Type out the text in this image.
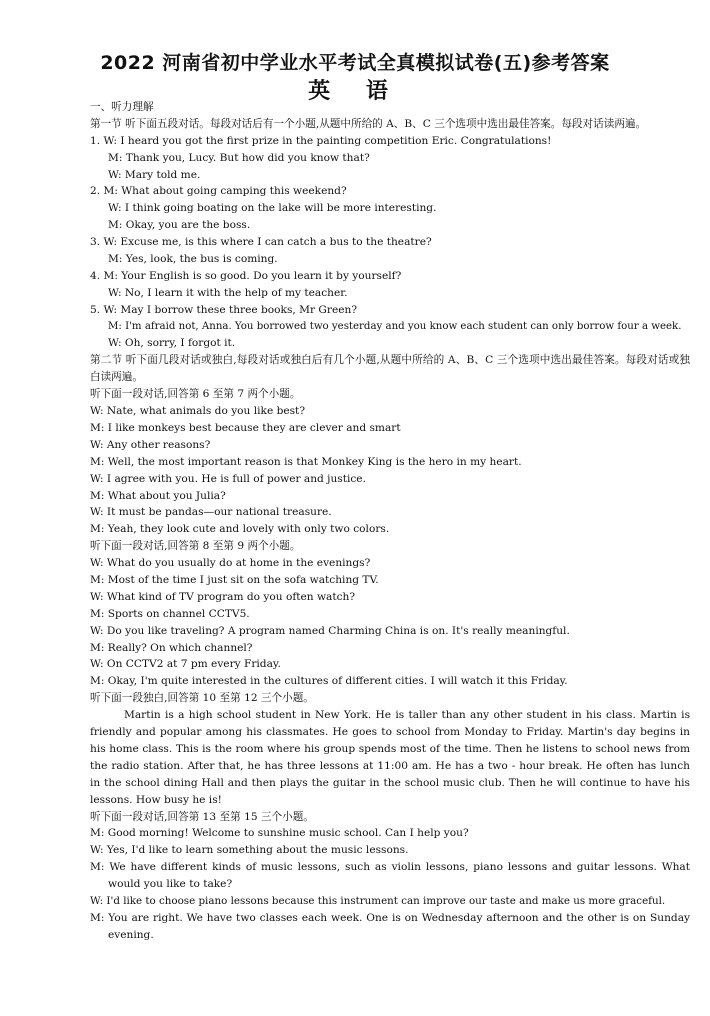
2022 河南省初中学业水平考试全真模拟试卷(五)参考答案
英 语
一、听力理解
第一节 听下面五段对话。每段对话后有一个小题,从题中所给的 A、B、C 三个选项中选出最佳答案。每段对话读两遍。
1. W: I heard you got the first prize in the painting competition Eric. Congratulations!
M: Thank you, Lucy. But how did you know that?
W: Mary told me.
2. M: What about going camping this weekend?
W: I think going boating on the lake will be more interesting.
M: Okay, you are the boss.
3. W: Excuse me, is this where I can catch a bus to the theatre?
M: Yes, look, the bus is coming.
4. M: Your English is so good. Do you learn it by yourself?
W: No, I learn it with the help of my teacher.
5. W: May I borrow these three books, Mr Green?
M: I'm afraid not, Anna. You borrowed two yesterday and you know each student can only borrow four a week.
W: Oh, sorry, I forgot it.
第二节 听下面几段对话或独白,每段对话或独白后有几个小题,从题中所给的 A、B、C 三个选项中选出最佳答案。每段对话或独白读两遍。
听下面一段对话,回答第 6 至第 7 两个小题。
W: Nate, what animals do you like best?
M: I like monkeys best because they are clever and smart
W: Any other reasons?
M: Well, the most important reason is that Monkey King is the hero in my heart.
W: I agree with you. He is full of power and justice.
M: What about you Julia?
W: It must be pandas—our national treasure.
M: Yeah, they look cute and lovely with only two colors.
听下面一段对话,回答第 8 至第 9 两个小题。
W: What do you usually do at home in the evenings?
M: Most of the time I just sit on the sofa watching TV.
W: What kind of TV program do you often watch?
M: Sports on channel CCTV5.
W: Do you like traveling? A program named Charming China is on. It's really meaningful.
M: Really? On which channel?
W: On CCTV2 at 7 pm every Friday.
M: Okay, I'm quite interested in the cultures of different cities. I will watch it this Friday.
听下面一段独白,回答第 10 至第 12 三个小题。
Martin is a high school student in New York. He is taller than any other student in his class. Martin is friendly and popular among his classmates. He goes to school from Monday to Friday. Martin's day begins in his home class. This is the room where his group spends most of the time. Then he listens to school news from the radio station. After that, he has three lessons at 11:00 am. He has a two - hour break. He often has lunch in the school dining Hall and then plays the guitar in the school music club. Then he will continue to have his lessons. How busy he is!
听下面一段对话,回答第 13 至第 15 三个小题。
M: Good morning! Welcome to sunshine music school. Can I help you?
W: Yes, I'd like to learn something about the music lessons.
M: We have different kinds of music lessons, such as violin lessons, piano lessons and guitar lessons. What would you like to take?
W: I'd like to choose piano lessons because this instrument can improve our taste and make us more graceful.
M: You are right. We have two classes each week. One is on Wednesday afternoon and the other is on Sunday evening.
